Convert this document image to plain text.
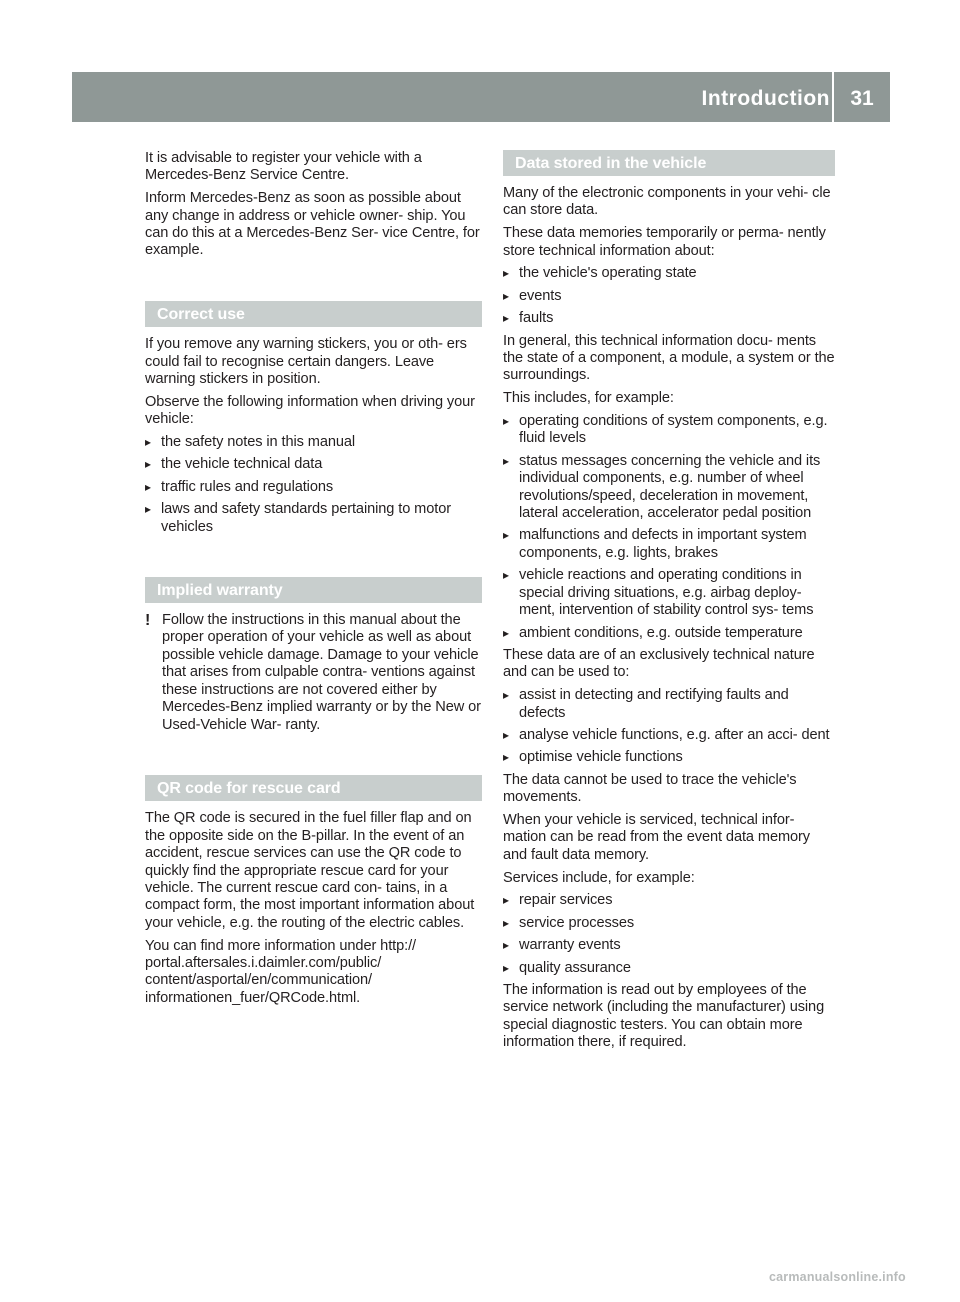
Introduction 31

It is advisable to register your vehicle with a Mercedes-Benz Service Centre.

Inform Mercedes-Benz as soon as possible about any change in address or vehicle owner- ship. You can do this at a Mercedes-Benz Ser- vice Centre, for example.

Correct use

If you remove any warning stickers, you or oth- ers could fail to recognise certain dangers. Leave warning stickers in position.

Observe the following information when driving your vehicle:

▸ the safety notes in this manual
▸ the vehicle technical data
▸ traffic rules and regulations
▸ laws and safety standards pertaining to motor vehicles
Implied warranty

! Follow the instructions in this manual about the proper operation of your vehicle as well as about possible vehicle damage. Damage to your vehicle that arises from culpable contra- ventions against these instructions are not covered either by Mercedes-Benz implied warranty or by the New or Used-Vehicle War- ranty.

QR code for rescue card

The QR code is secured in the fuel filler flap and on the opposite side on the B-pillar. In the event of an accident, rescue services can use the QR code to quickly find the appropriate rescue card for your vehicle. The current rescue card con- tains, in a compact form, the most important information about your vehicle, e.g. the routing of the electric cables.

You can find more information under http:// portal.aftersales.i.daimler.com/public/ content/asportal/en/communication/ informationen_fuer/QRCode.html.

Data stored in the vehicle

Many of the electronic components in your vehi- cle can store data.

These data memories temporarily or perma- nently store technical information about:

▸ the vehicle's operating state
▸ events
▸ faults

In general, this technical information docu- ments the state of a component, a module, a system or the surroundings.

This includes, for example:

▸ operating conditions of system components, e.g. fluid levels
▸ status messages concerning the vehicle and its individual components, e.g. number of wheel revolutions/speed, deceleration in movement, lateral acceleration, accelerator pedal position
▸ malfunctions and defects in important system components, e.g. lights, brakes
▸ vehicle reactions and operating conditions in special driving situations, e.g. airbag deploy- ment, intervention of stability control sys- tems
▸ ambient conditions, e.g. outside temperature

These data are of an exclusively technical nature and can be used to:

▸ assist in detecting and rectifying faults and defects
▸ analyse vehicle functions, e.g. after an acci- dent
▸ optimise vehicle functions

The data cannot be used to trace the vehicle's movements.

When your vehicle is serviced, technical infor- mation can be read from the event data memory and fault data memory.

Services include, for example:

▸ repair services
▸ service processes
▸ warranty events
▸ quality assurance

The information is read out by employees of the service network (including the manufacturer) using special diagnostic testers. You can obtain more information there, if required.

carmanualsonline.info
